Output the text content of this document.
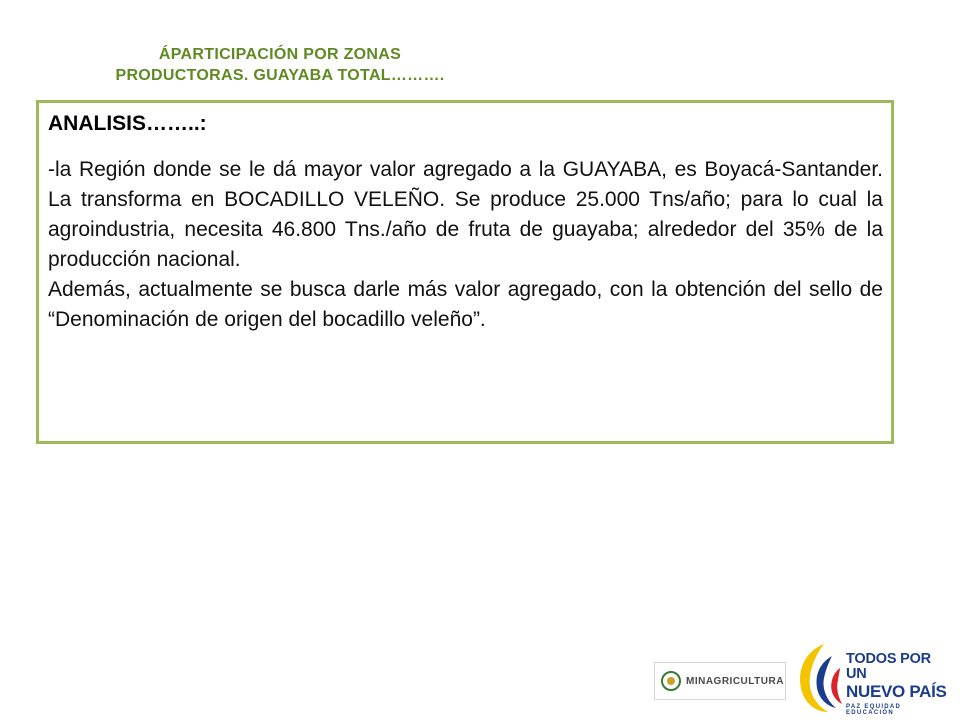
ÁPARTICIPACIÓN POR ZONAS
PRODUCTORAS. GUAYABA TOTAL……….

ANALISIS……..:

-la Región donde se le dá mayor valor agregado a la GUAYABA, es Boyacá-Santander. La transforma en BOCADILLO VELEÑO. Se produce 25.000 Tns/año; para lo cual la agroindustria, necesita 46.800 Tns./año de fruta de guayaba; alrededor del 35% de la producción nacional.

Además, actualmente se busca darle más valor agregado, con la obtención del sello de “Denominación de origen del bocadillo veleño”.

MINAGRICULTURA
TODOS POR UN
NUEVO PAÍS
PAZ EQUIDAD EDUCACIÓN
